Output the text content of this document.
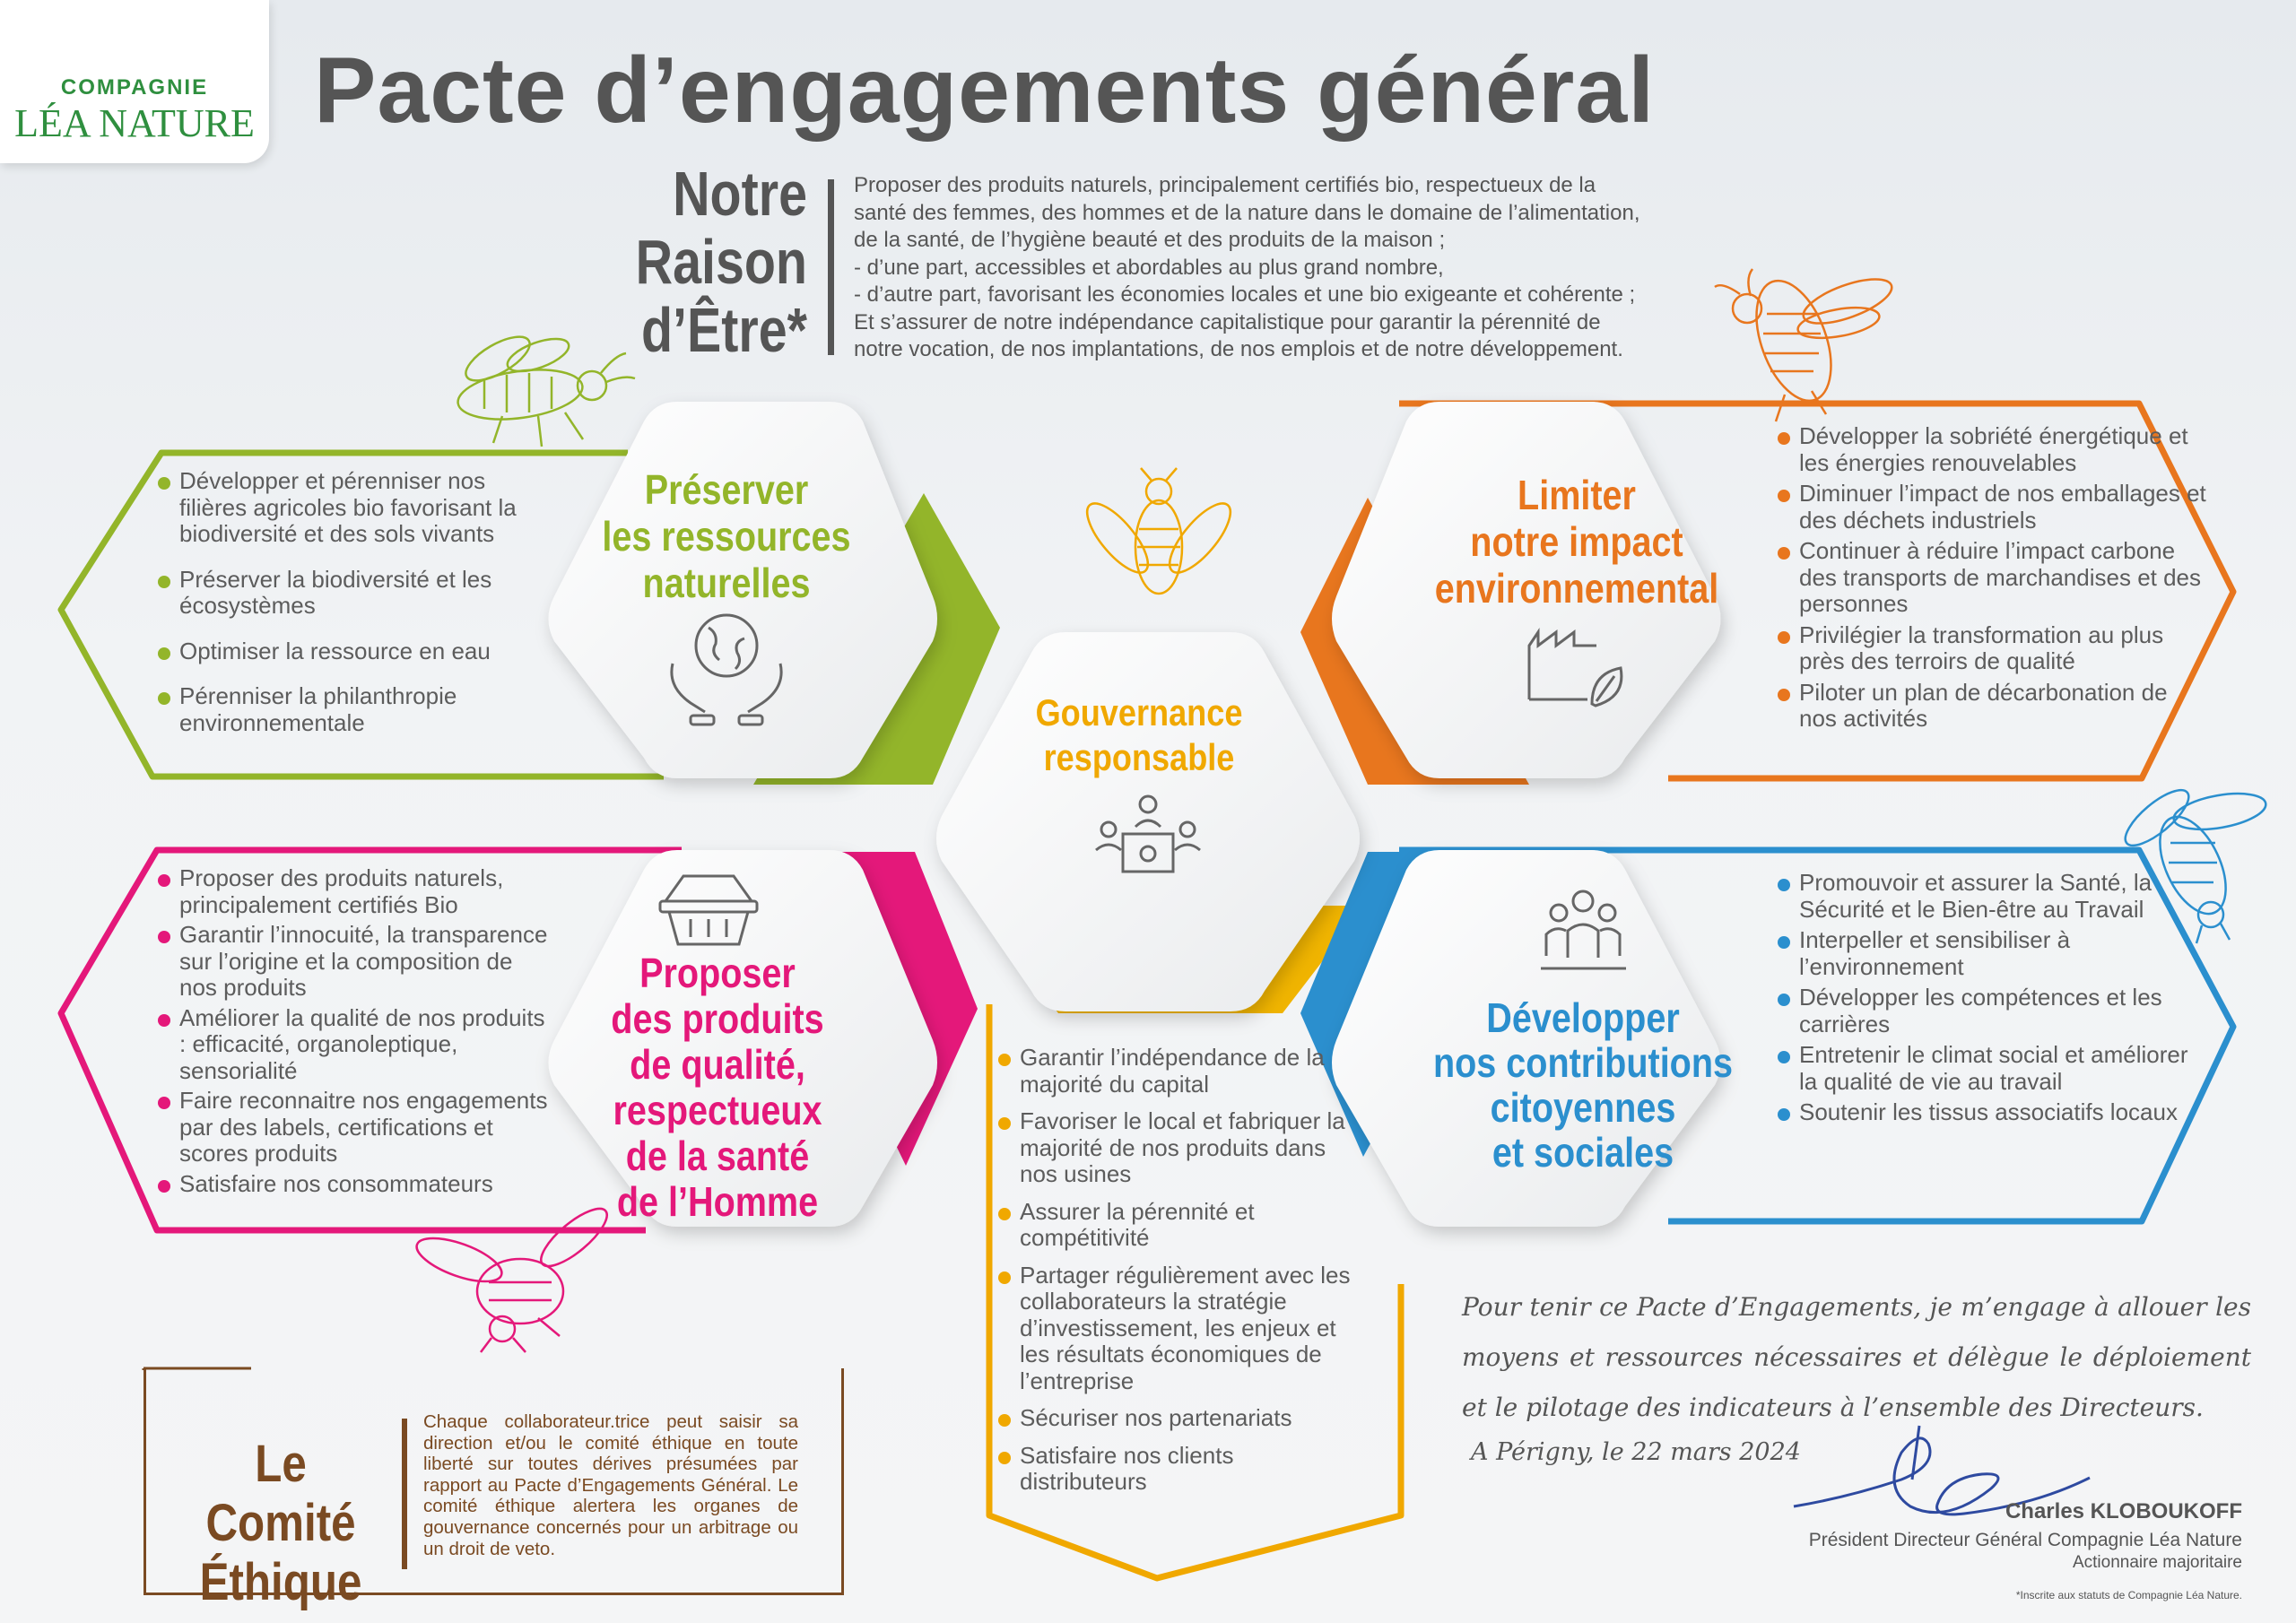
COMPAGNIE
LÉA NATURE Pacte d’engagements général
Notre
Raison
d’Être*

Proposer des produits naturels, principalement certifiés bio, respectueux de la

santé des femmes, des hommes et de la nature dans le domaine de l’alimentation,

de la santé, de l’hygiène beauté et des produits de la maison ;

- d’une part, accessibles et abordables au plus grand nombre,

- d’autre part, favorisant les économies locales et une bio exigeante et cohérente ;

Et s’assurer de notre indépendance capitalistique pour garantir la pérennité de

notre vocation, de nos implantations, de nos emplois et de notre développement.

Préserver
les ressources
naturelles
Limiter
notre impact
environnemental
Gouvernance
responsable
Proposer
des produits
de qualité,
respectueux
de la santé
de l’Homme
Développer
nos contributions
citoyennes
et sociales
Développer et pérenniser nos filières agricoles bio favorisant la biodiversité et des sols vivants
Préserver la biodiversité et les écosystèmes
Optimiser la ressource en eau
Pérenniser la philanthropie environnementale
Développer la sobriété énergétique et les énergies renouvelables
Diminuer l’impact de nos emballages et des déchets industriels
Continuer à réduire l’impact carbone des transports de marchandises et des personnes
Privilégier la transformation au plus près des terroirs de qualité
Piloter un plan de décarbonation de nos activités
Proposer des produits naturels, principalement certifiés Bio
Garantir l’innocuité, la transparence sur l’origine et la composition de nos produits
Améliorer la qualité de nos produits : efficacité, organoleptique, sensorialité
Faire reconnaitre nos engagements par des labels, certifications et scores produits
Satisfaire nos consommateurs
Garantir l’indépendance de la majorité du capital
Favoriser le local et fabriquer la majorité de nos produits dans nos usines
Assurer la pérennité et compétitivité
Partager régulièrement avec les collaborateurs la stratégie d’investissement, les enjeux et les résultats économiques de l’entreprise
Sécuriser nos partenariats
Satisfaire nos clients distributeurs
Promouvoir et assurer la Santé, la Sécurité et le Bien-être au Travail
Interpeller et sensibiliser à l’environnement
Développer les compétences et les carrières
Entretenir le climat social et améliorer la qualité de vie au travail
Soutenir les tissus associatifs locaux
Le Comité
Éthique
Chaque collaborateur.trice peut saisir sa direction et/ou le comité éthique en toute liberté sur toutes dérives présumées par rapport au Pacte d’Engagements Général. Le comité éthique alertera les organes de gouvernance concernés pour un arbitrage ou un droit de veto.
Pour tenir ce Pacte d’Engagements, je m’engage à allouer les moyens et ressources nécessaires et délègue le déploiement et le pilotage des indicateurs à l’ensemble des Directeurs.
A Périgny, le 22 mars 2024
Charles KLOBOUKOFF
Président Directeur Général Compagnie Léa Nature
Actionnaire majoritaire
*Inscrite aux statuts de Compagnie Léa Nature.
